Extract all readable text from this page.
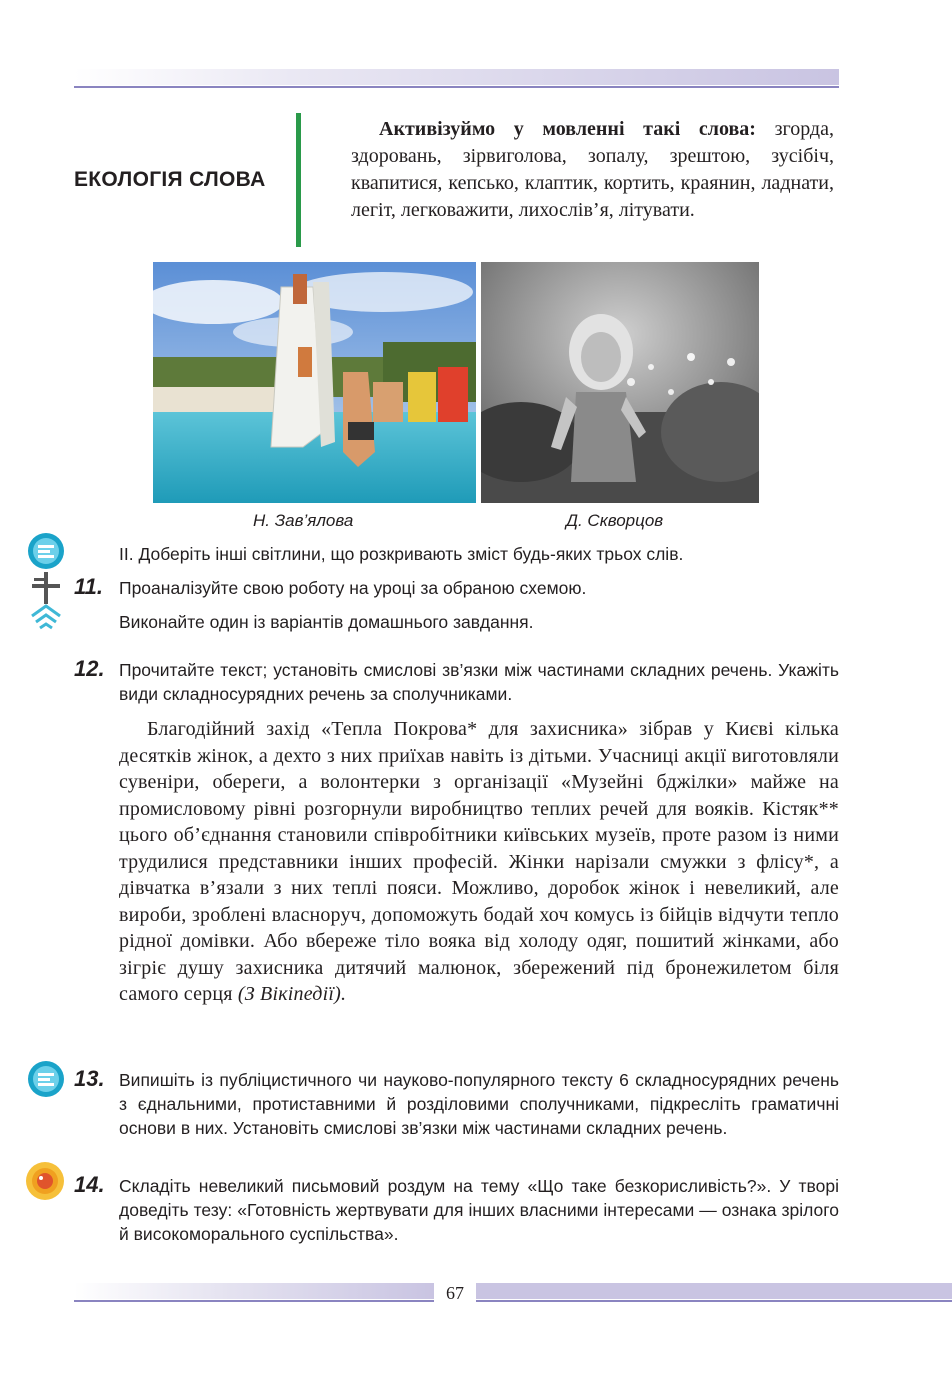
ЕКОЛОГІЯ СЛОВА
Активізуймо у мовленні такі слова: згорда, здоровань, зірвиголова, зопалу, зрештою, зусібіч, квапитися, кепсько, клаптик, кортить, краянин, ладнати, легіт, легковажити, лихослів’я, літувати.
Н. Зав’ялова	Д. Скворцов
ІІ. Доберіть інші світлини, що розкривають зміст будь-яких трьох слів.
11. Проаналізуйте свою роботу на уроці за обраною схемою.
Виконайте один із варіантів домашнього завдання.
12. Прочитайте текст; установіть смислові зв’язки між частинами складних речень. Укажіть види складносурядних речень за сполучниками.
Благодійний захід «Тепла Покрова* для захисника» зібрав у Києві кілька десятків жінок, а дехто з них приїхав навіть із дітьми. Учасниці акції виготовляли сувеніри, обереги, а волонтерки з організації «Музейні бджілки» майже на промисловому рівні розгорнули виробництво теплих речей для вояків. Кістяк** цього об’єднання становили співробітники київських музеїв, проте разом із ними трудилися представники інших професій. Жінки нарізали смужки з флісу*, а дівчатка в’язали з них теплі пояси. Можливо, доробок жінок і невеликий, але вироби, зроблені власноруч, допоможуть бодай хоч комусь із бійців відчути тепло рідної домівки. Або вбереже тіло вояка від холоду одяг, пошитий жінками, або зігріє душу захисника дитячий малюнок, збережений під бронежилетом біля самого серця (З Вікіпедії).
13. Випишіть із публіцистичного чи науково-популярного тексту 6 складносурядних речень з єднальними, протиставними й розділовими сполучниками, підкресліть граматичні основи в них. Установіть смислові зв’язки між частинами складних речень.
14. Складіть невеликий письмовий роздум на тему «Що таке безкорисливість?». У творі доведіть тезу: «Готовність жертвувати для інших власними інтересами — ознака зрілого й високоморального суспільства».
67
